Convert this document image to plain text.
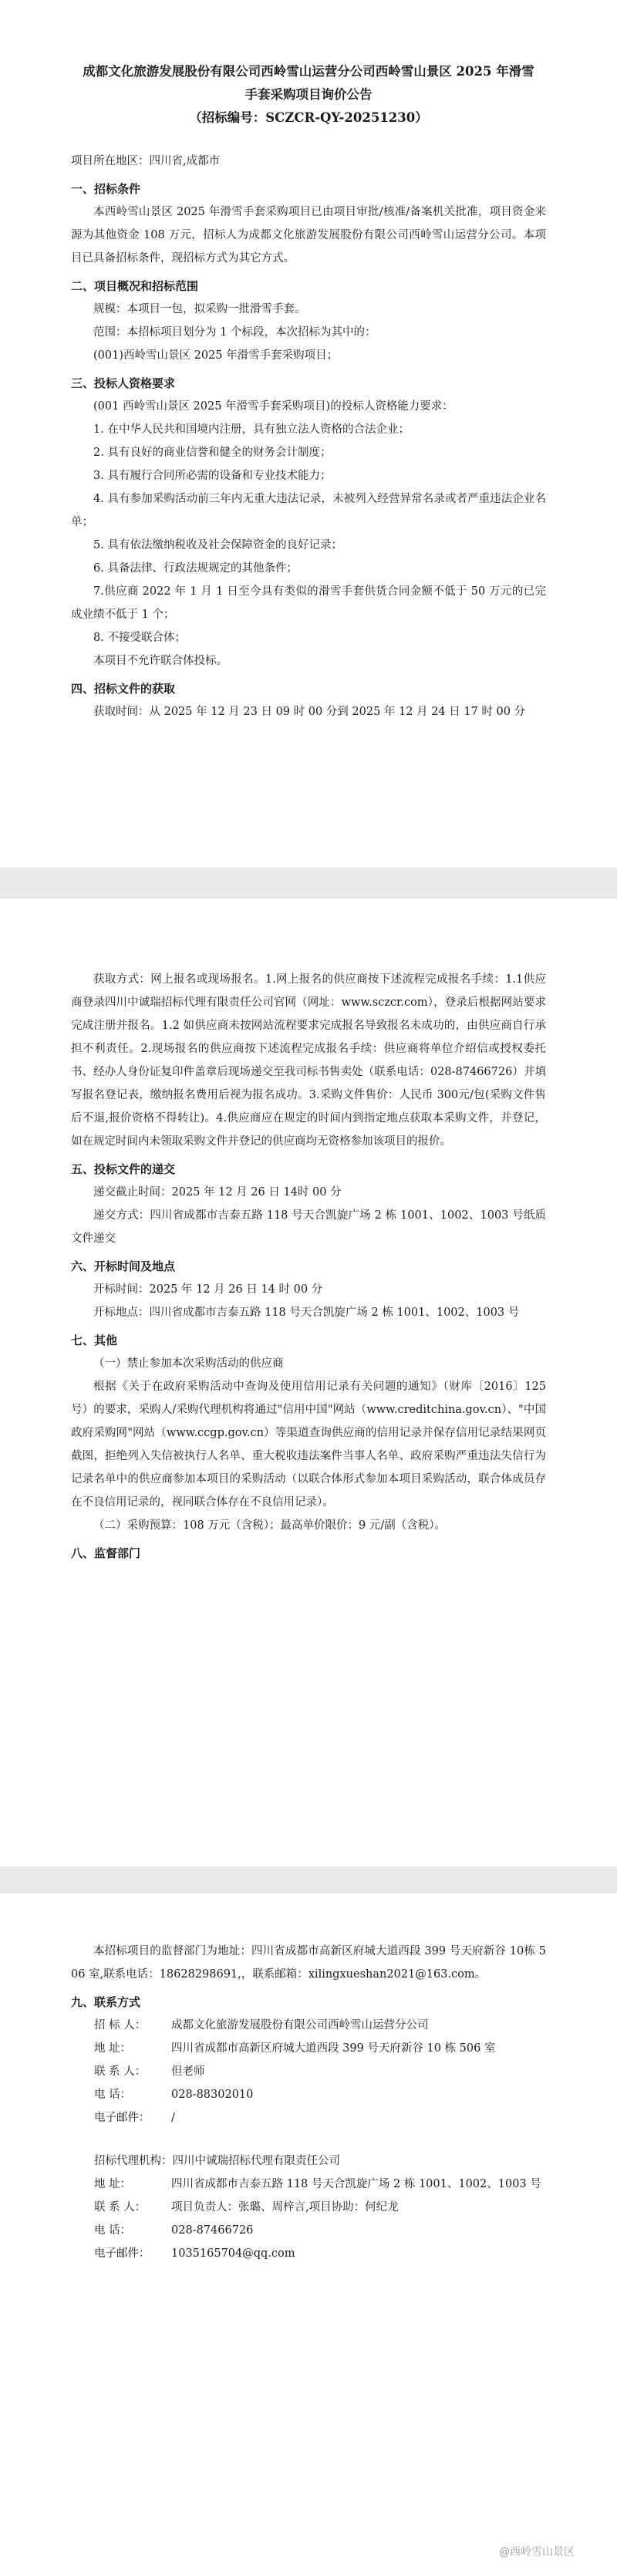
成都文化旅游发展股份有限公司西岭雪山运营分公司西岭雪山景区 2025 年滑雪手套采购项目询价公告
（招标编号：SCZCR-QY-20251230）

项目所在地区：四川省,成都市

一、招标条件

本西岭雪山景区 2025 年滑雪手套采购项目已由项目审批/核准/备案机关批准，项目资金来源为其他资金 108 万元，招标人为成都文化旅游发展股份有限公司西岭雪山运营分公司。本项目已具备招标条件，现招标方式为其它方式。

二、项目概况和招标范围

规模：本项目一包，拟采购一批滑雪手套。

范围：本招标项目划分为 1 个标段，本次招标为其中的：

(001)西岭雪山景区 2025 年滑雪手套采购项目；

三、投标人资格要求

(001 西岭雪山景区 2025 年滑雪手套采购项目)的投标人资格能力要求：

1. 在中华人民共和国境内注册，具有独立法人资格的合法企业；

2. 具有良好的商业信誉和健全的财务会计制度；

3. 具有履行合同所必需的设备和专业技术能力；

4. 具有参加采购活动前三年内无重大违法记录，未被列入经营异常名录或者严重违法企业名单；

5. 具有依法缴纳税收及社会保障资金的良好记录；

6. 具备法律、行政法规规定的其他条件；

7.供应商 2022 年 1 月 1 日至今具有类似的滑雪手套供货合同金额不低于 50 万元的已完成业绩不低于 1 个；

8. 不接受联合体；

本项目不允许联合体投标。

四、招标文件的获取

获取时间：从 2025 年 12 月 23 日 09 时 00 分到 2025 年 12 月 24 日 17 时 00 分

获取方式：网上报名或现场报名。1.网上报名的供应商按下述流程完成报名手续：1.1供应商登录四川中诚瑞招标代理有限责任公司官网（网址：www.sczcr.com），登录后根据网站要求完成注册并报名。1.2 如供应商未按网站流程要求完成报名导致报名未成功的，由供应商自行承担不利责任。2.现场报名的供应商按下述流程完成报名手续：供应商将单位介绍信或授权委托书、经办人身份证复印件盖章后现场递交至我司标书售卖处（联系电话：028-87466726）并填写报名登记表，缴纳报名费用后视为报名成功。3.采购文件售价：人民币 300元/包(采购文件售后不退,报价资格不得转让)。4.供应商应在规定的时间内到指定地点获取本采购文件，并登记，如在规定时间内未领取采购文件并登记的供应商均无资格参加该项目的报价。

五、投标文件的递交

递交截止时间：2025 年 12 月 26 日 14时 00 分

递交方式：四川省成都市吉泰五路 118 号天合凯旋广场 2 栋 1001、1002、1003 号纸质文件递交

六、开标时间及地点

开标时间：2025 年 12 月 26 日 14 时 00 分

开标地点：四川省成都市吉泰五路 118 号天合凯旋广场 2 栋 1001、1002、1003 号

七、其他

（一）禁止参加本次采购活动的供应商

根据《关于在政府采购活动中查询及使用信用记录有关问题的通知》（财库〔2016〕125 号）的要求，采购人/采购代理机构将通过"信用中国"网站（www.creditchina.gov.cn）、"中国政府采购网"网站（www.ccgp.gov.cn）等渠道查询供应商的信用记录并保存信用记录结果网页截图，拒绝列入失信被执行人名单、重大税收违法案件当事人名单、政府采购严重违法失信行为记录名单中的供应商参加本项目的采购活动（以联合体形式参加本项目采购活动，联合体成员存在不良信用记录的，视同联合体存在不良信用记录）。

（二）采购预算：108 万元（含税）；最高单价限价：9 元/副（含税）。

八、监督部门

本招标项目的监督部门为地址：四川省成都市高新区府城大道西段 399 号天府新谷 10栋 506 室,联系电话：18628298691,，联系邮箱：xilingxueshan2021@163.com。

九、联系方式

招 标 人： 成都文化旅游发展股份有限公司西岭雪山运营分公司

地 址：	四川省成都市高新区府城大道西段 399 号天府新谷 10 栋 506 室

联 系 人： 但老师

电 话：	028-88302010

电子邮件： /

招标代理机构：四川中诚瑞招标代理有限责任公司

地 址：	四川省成都市吉泰五路 118 号天合凯旋广场 2 栋 1001、1002、1003 号

联 系 人： 项目负责人：张璐、周梓言,项目协助：何纪龙

电 话：	028-87466726

电子邮件： 1035165704@qq.com

@西岭雪山景区
